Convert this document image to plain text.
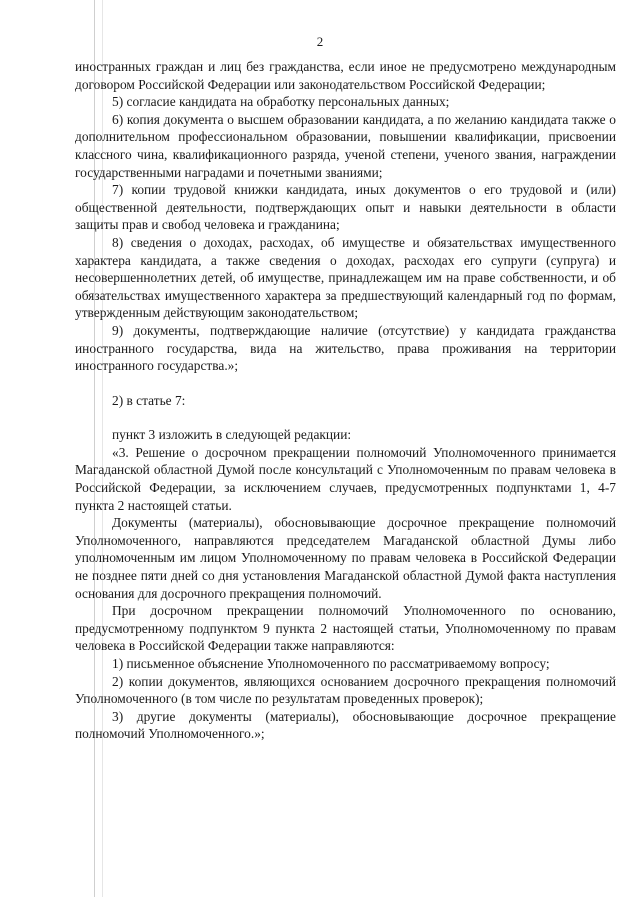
2

иностранных граждан и лиц без гражданства, если иное не предусмотрено международным договором Российской Федерации или законодательством Российской Федерации;

5) согласие кандидата на обработку персональных данных;

6) копия документа о высшем образовании кандидата, а по желанию кандидата также о дополнительном профессиональном образовании, повышении квалификации, присвоении классного чина, квалификационного разряда, ученой степени, ученого звания, награждении государственными наградами и почетными званиями;

7) копии трудовой книжки кандидата, иных документов о его трудовой и (или) общественной деятельности, подтверждающих опыт и навыки деятельности в области защиты прав и свобод человека и гражданина;

8) сведения о доходах, расходах, об имуществе и обязательствах имущественного характера кандидата, а также сведения о доходах, расходах его супруги (супруга) и несовершеннолетних детей, об имуществе, принадлежащем им на праве собственности, и об обязательствах имущественного характера за предшествующий календарный год по формам, утвержденным действующим законодательством;

9) документы, подтверждающие наличие (отсутствие) у кандидата гражданства иностранного государства, вида на жительство, права проживания на территории иностранного государства.»;

2) в статье 7:

пункт 3 изложить в следующей редакции:

«3. Решение о досрочном прекращении полномочий Уполномоченного принимается Магаданской областной Думой после консультаций с Уполномоченным по правам человека в Российской Федерации, за исключением случаев, предусмотренных подпунктами 1, 4-7 пункта 2 настоящей статьи.

Документы (материалы), обосновывающие досрочное прекращение полномочий Уполномоченного, направляются председателем Магаданской областной Думы либо уполномоченным им лицом Уполномоченному по правам человека в Российской Федерации не позднее пяти дней со дня установления Магаданской областной Думой факта наступления основания для досрочного прекращения полномочий.

При досрочном прекращении полномочий Уполномоченного по основанию, предусмотренному подпунктом 9 пункта 2 настоящей статьи, Уполномоченному по правам человека в Российской Федерации также направляются:

1) письменное объяснение Уполномоченного по рассматриваемому вопросу;

2) копии документов, являющихся основанием досрочного прекращения полномочий Уполномоченного (в том числе по результатам проведенных проверок);

3) другие документы (материалы), обосновывающие досрочное прекращение полномочий Уполномоченного.»;
